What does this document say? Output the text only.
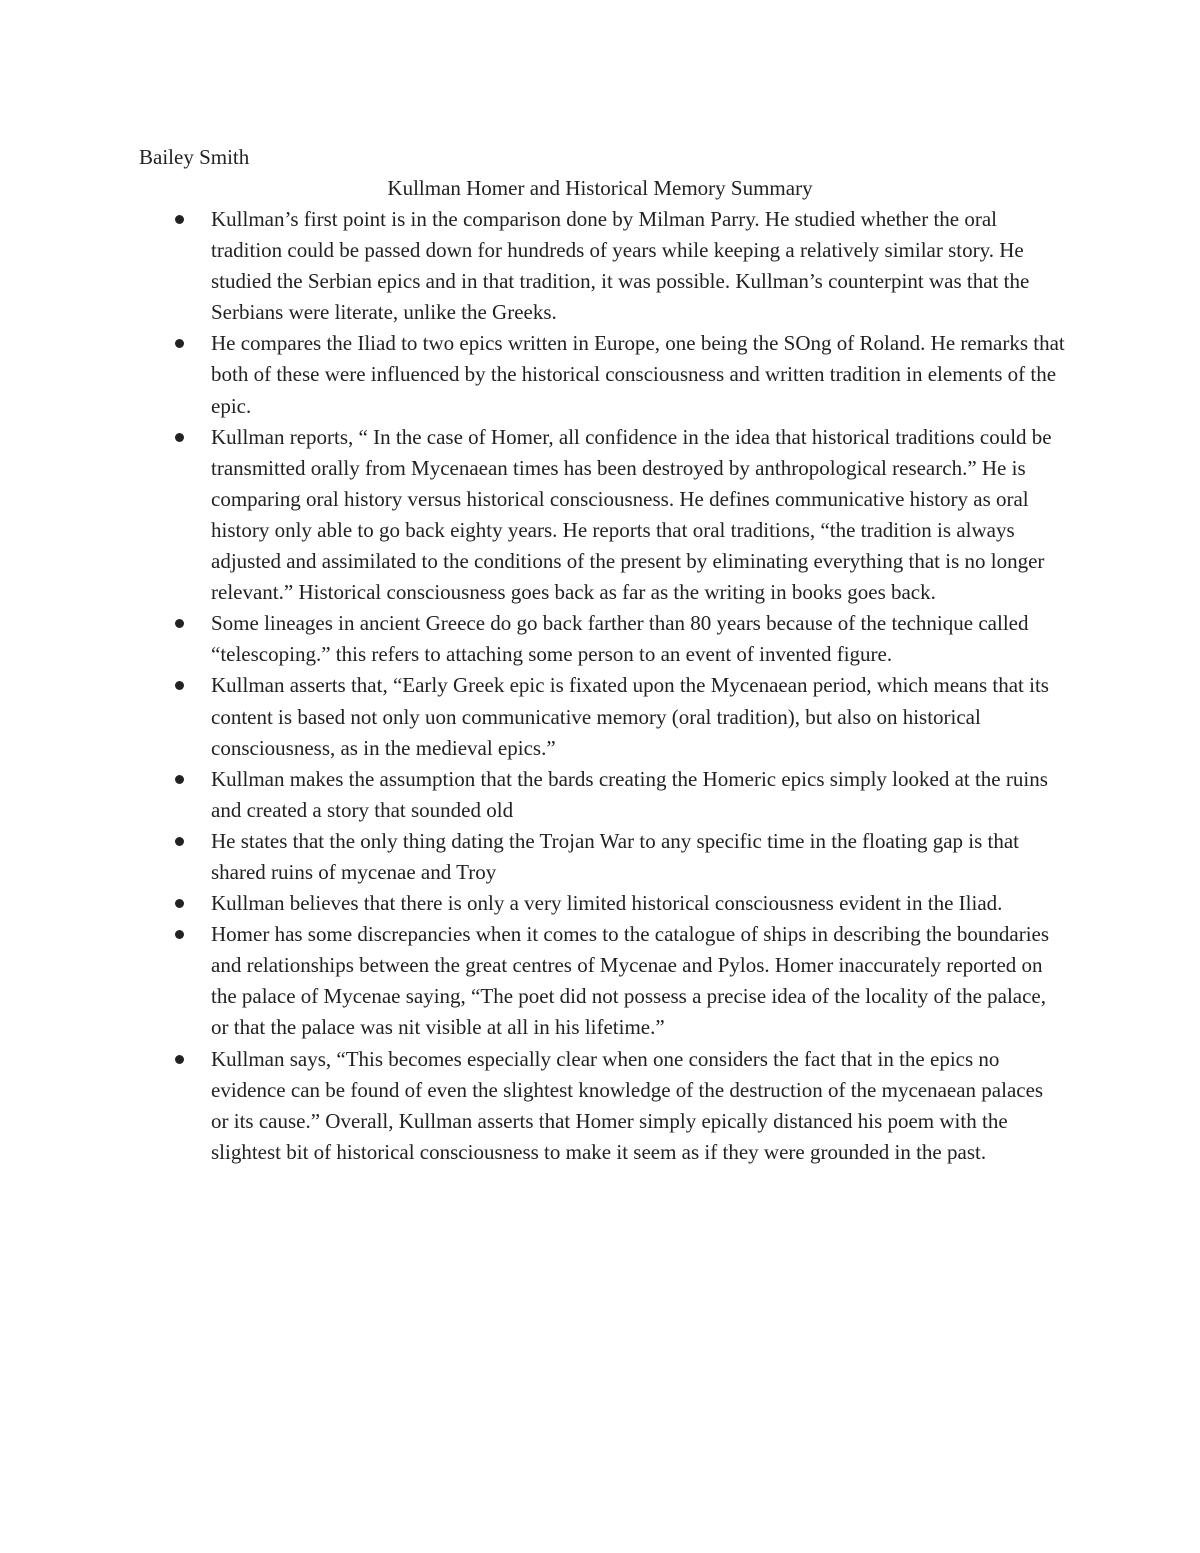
Bailey Smith

Kullman Homer and Historical Memory Summary

Kullman’s first point is in the comparison done by Milman Parry. He studied whether the oral tradition could be passed down for hundreds of years while keeping a relatively similar story. He studied the Serbian epics and in that tradition, it was possible. Kullman’s counterpint was that the Serbians were literate, unlike the Greeks.
He compares the Iliad to two epics written in Europe, one being the SOng of Roland. He remarks that both of these were influenced by the historical consciousness and written tradition in elements of the epic.
Kullman reports, “ In the case of Homer, all confidence in the idea that historical traditions could be transmitted orally from Mycenaean times has been destroyed by anthropological research.” He is comparing oral history versus historical consciousness. He defines communicative history as oral history only able to go back eighty years. He reports that oral traditions, “the tradition is always adjusted and assimilated to the conditions of the present by eliminating everything that is no longer relevant.” Historical consciousness goes back as far as the writing in books goes back.
Some lineages in ancient Greece do go back farther than 80 years because of the technique called “telescoping.” this refers to attaching some person to an event of invented figure.
Kullman asserts that, “Early Greek epic is fixated upon the Mycenaean period, which means that its content is based not only uon communicative memory (oral tradition), but also on historical consciousness, as in the medieval epics.”
Kullman makes the assumption that the bards creating the Homeric epics simply looked at the ruins and created a story that sounded old
He states that the only thing dating the Trojan War to any specific time in the floating gap is that shared ruins of mycenae and Troy
Kullman believes that there is only a very limited historical consciousness evident in the Iliad.
Homer has some discrepancies when it comes to the catalogue of ships in describing the boundaries and relationships between the great centres of Mycenae and Pylos. Homer inaccurately reported on the palace of Mycenae saying, “The poet did not possess a precise idea of the locality of the palace, or that the palace was nit visible at all in his lifetime.”
Kullman says, “This becomes especially clear when one considers the fact that in the epics no evidence can be found of even the slightest knowledge of the destruction of the mycenaean palaces or its cause.” Overall, Kullman asserts that Homer simply epically distanced his poem with the slightest bit of historical consciousness to make it seem as if they were grounded in the past.
